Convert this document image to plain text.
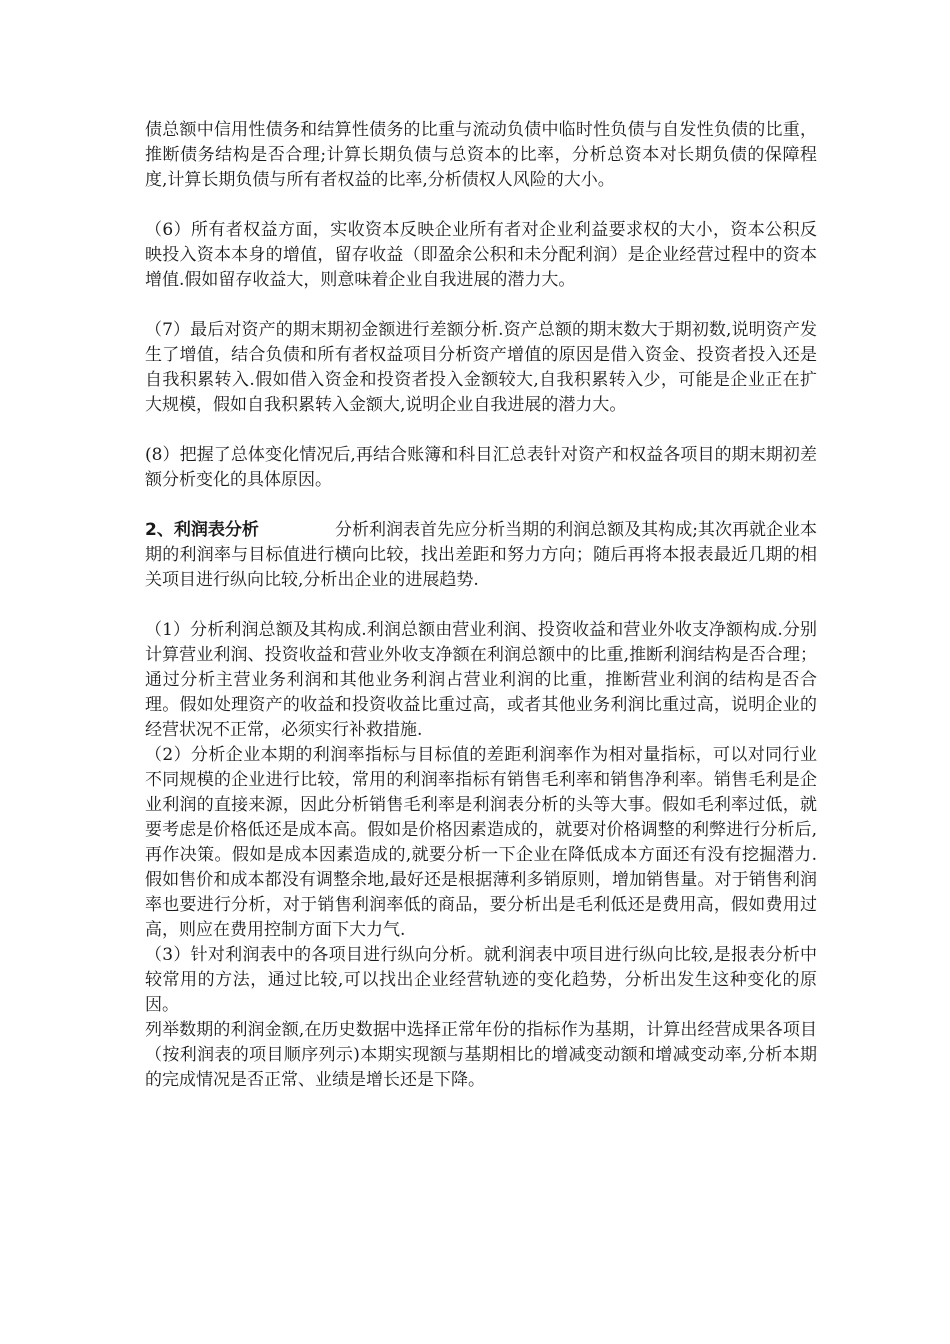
债总额中信用性债务和结算性债务的比重与流动负债中临时性负债与自发性负债的比重，推断债务结构是否合理;计算长期负债与总资本的比率，分析总资本对长期负债的保障程度,计算长期负债与所有者权益的比率,分析债权人风险的大小。

（6）所有者权益方面，实收资本反映企业所有者对企业利益要求权的大小，资本公积反映投入资本本身的增值，留存收益（即盈余公积和未分配利润）是企业经营过程中的资本增值.假如留存收益大，则意味着企业自我进展的潜力大。

（7）最后对资产的期末期初金额进行差额分析.资产总额的期末数大于期初数,说明资产发生了增值，结合负债和所有者权益项目分析资产增值的原因是借入资金、投资者投入还是自我积累转入.假如借入资金和投资者投入金额较大,自我积累转入少，可能是企业正在扩大规模，假如自我积累转入金额大,说明企业自我进展的潜力大。

(8）把握了总体变化情况后,再结合账簿和科目汇总表针对资产和权益各项目的期末期初差额分析变化的具体原因。

2、利润表分析	分析利润表首先应分析当期的利润总额及其构成;其次再就企业本期的利润率与目标值进行横向比较，找出差距和努力方向；随后再将本报表最近几期的相关项目进行纵向比较,分析出企业的进展趋势.

（1）分析利润总额及其构成.利润总额由营业利润、投资收益和营业外收支净额构成.分别计算营业利润、投资收益和营业外收支净额在利润总额中的比重,推断利润结构是否合理；通过分析主营业务利润和其他业务利润占营业利润的比重，推断营业利润的结构是否合理。假如处理资产的收益和投资收益比重过高，或者其他业务利润比重过高，说明企业的经营状况不正常，必须实行补救措施.

（2）分析企业本期的利润率指标与目标值的差距利润率作为相对量指标，可以对同行业不同规模的企业进行比较，常用的利润率指标有销售毛利率和销售净利率。销售毛利是企业利润的直接来源，因此分析销售毛利率是利润表分析的头等大事。假如毛利率过低，就要考虑是价格低还是成本高。假如是价格因素造成的，就要对价格调整的利弊进行分析后,再作决策。假如是成本因素造成的,就要分析一下企业在降低成本方面还有没有挖掘潜力.假如售价和成本都没有调整余地,最好还是根据薄利多销原则，增加销售量。对于销售利润率也要进行分析，对于销售利润率低的商品，要分析出是毛利低还是费用高，假如费用过高，则应在费用控制方面下大力气.

（3）针对利润表中的各项目进行纵向分析。就利润表中项目进行纵向比较,是报表分析中较常用的方法，通过比较,可以找出企业经营轨迹的变化趋势，分析出发生这种变化的原因。

列举数期的利润金额,在历史数据中选择正常年份的指标作为基期，计算出经营成果各项目（按利润表的项目顺序列示)本期实现额与基期相比的增减变动额和增减变动率,分析本期的完成情况是否正常、业绩是增长还是下降。
